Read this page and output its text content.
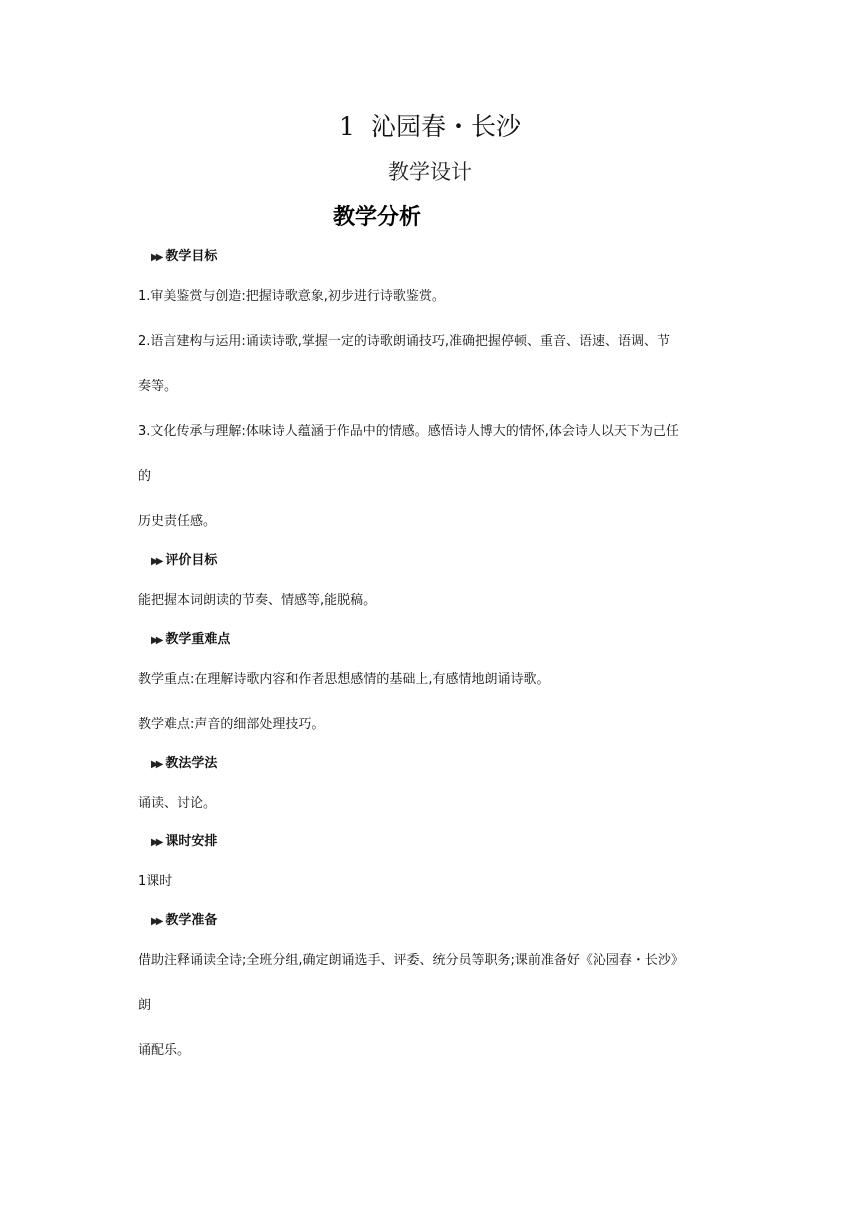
1 沁园春・长沙
教学设计
教学分析
▶▶ 教学目标
1.审美鉴赏与创造:把握诗歌意象,初步进行诗歌鉴赏。
2.语言建构与运用:诵读诗歌,掌握一定的诗歌朗诵技巧,准确把握停顿、重音、语速、语调、节
奏等。
3.文化传承与理解:体味诗人蕴涵于作品中的情感。感悟诗人博大的情怀,体会诗人以天下为己任
的
历史责任感。
▶▶ 评价目标
能把握本词朗读的节奏、情感等,能脱稿。
▶▶ 教学重难点
教学重点:在理解诗歌内容和作者思想感情的基础上,有感情地朗诵诗歌。
教学难点:声音的细部处理技巧。
▶▶ 教法学法
诵读、讨论。
▶▶ 课时安排
1课时
▶▶ 教学准备
借助注释诵读全诗;全班分组,确定朗诵选手、评委、统分员等职务;课前准备好《沁园春・长沙》
朗
诵配乐。
